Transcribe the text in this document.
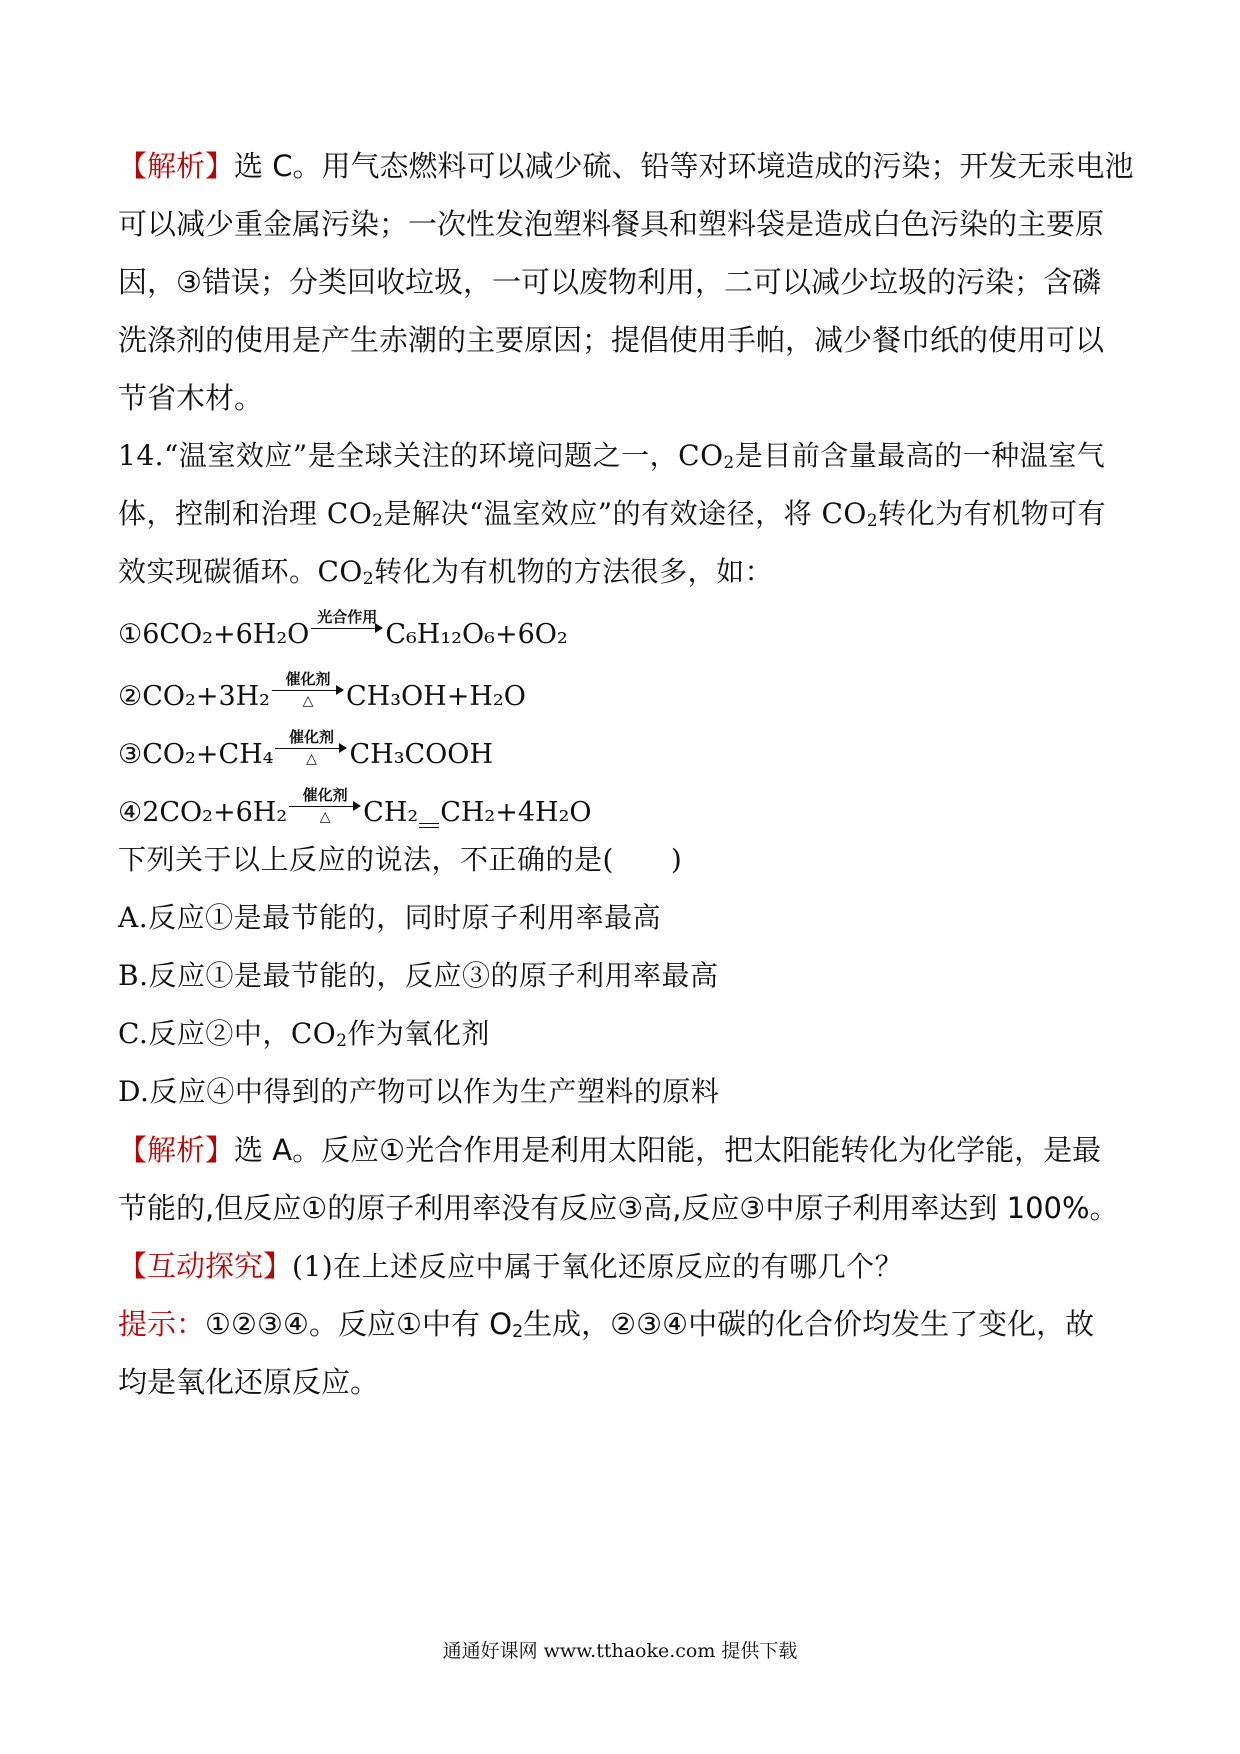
【解析】选 C。用气态燃料可以减少硫、铅等对环境造成的污染；开发无汞电池
可以减少重金属污染；一次性发泡塑料餐具和塑料袋是造成白色污染的主要原
因，③错误；分类回收垃圾，一可以废物利用，二可以减少垃圾的污染；含磷
洗涤剂的使用是产生赤潮的主要原因；提倡使用手帕，减少餐巾纸的使用可以
节省木材。
14.“温室效应”是全球关注的环境问题之一，$CO_2$是目前含量最高的一种温室气
体，控制和治理 $CO_2$是解决“温室效应”的有效途径，将 $CO_2$转化为有机物可有
效实现碳循环。$CO_2$转化为有机物的方法很多，如：
①6CO₂+6H₂O
光合作用
C₆H₁₂O₆+6O₂
②CO₂+3H₂
催化剂
△	CH₃OH+H₂O
③CO₂+CH₄
催化剂
△	CH₃COOH
④2CO₂+6H₂
催化剂
△	CH₂ CH₂+4H₂O
下列关于以上反应的说法，不正确的是(　　)
A.反应①是最节能的，同时原子利用率最高
B.反应①是最节能的，反应③的原子利用率最高
C.反应②中，$CO_2$作为氧化剂
D.反应④中得到的产物可以作为生产塑料的原料
【解析】选 A。反应①光合作用是利用太阳能，把太阳能转化为化学能，是最
节能的,但反应①的原子利用率没有反应③高,反应③中原子利用率达到 100%。
【互动探究】(1)在上述反应中属于氧化还原反应的有哪几个？
提示：①②③④。反应①中有 $O_2$生成，②③④中碳的化合价均发生了变化，故
均是氧化还原反应。
通通好课网 www.tthaoke.com 提供下载
